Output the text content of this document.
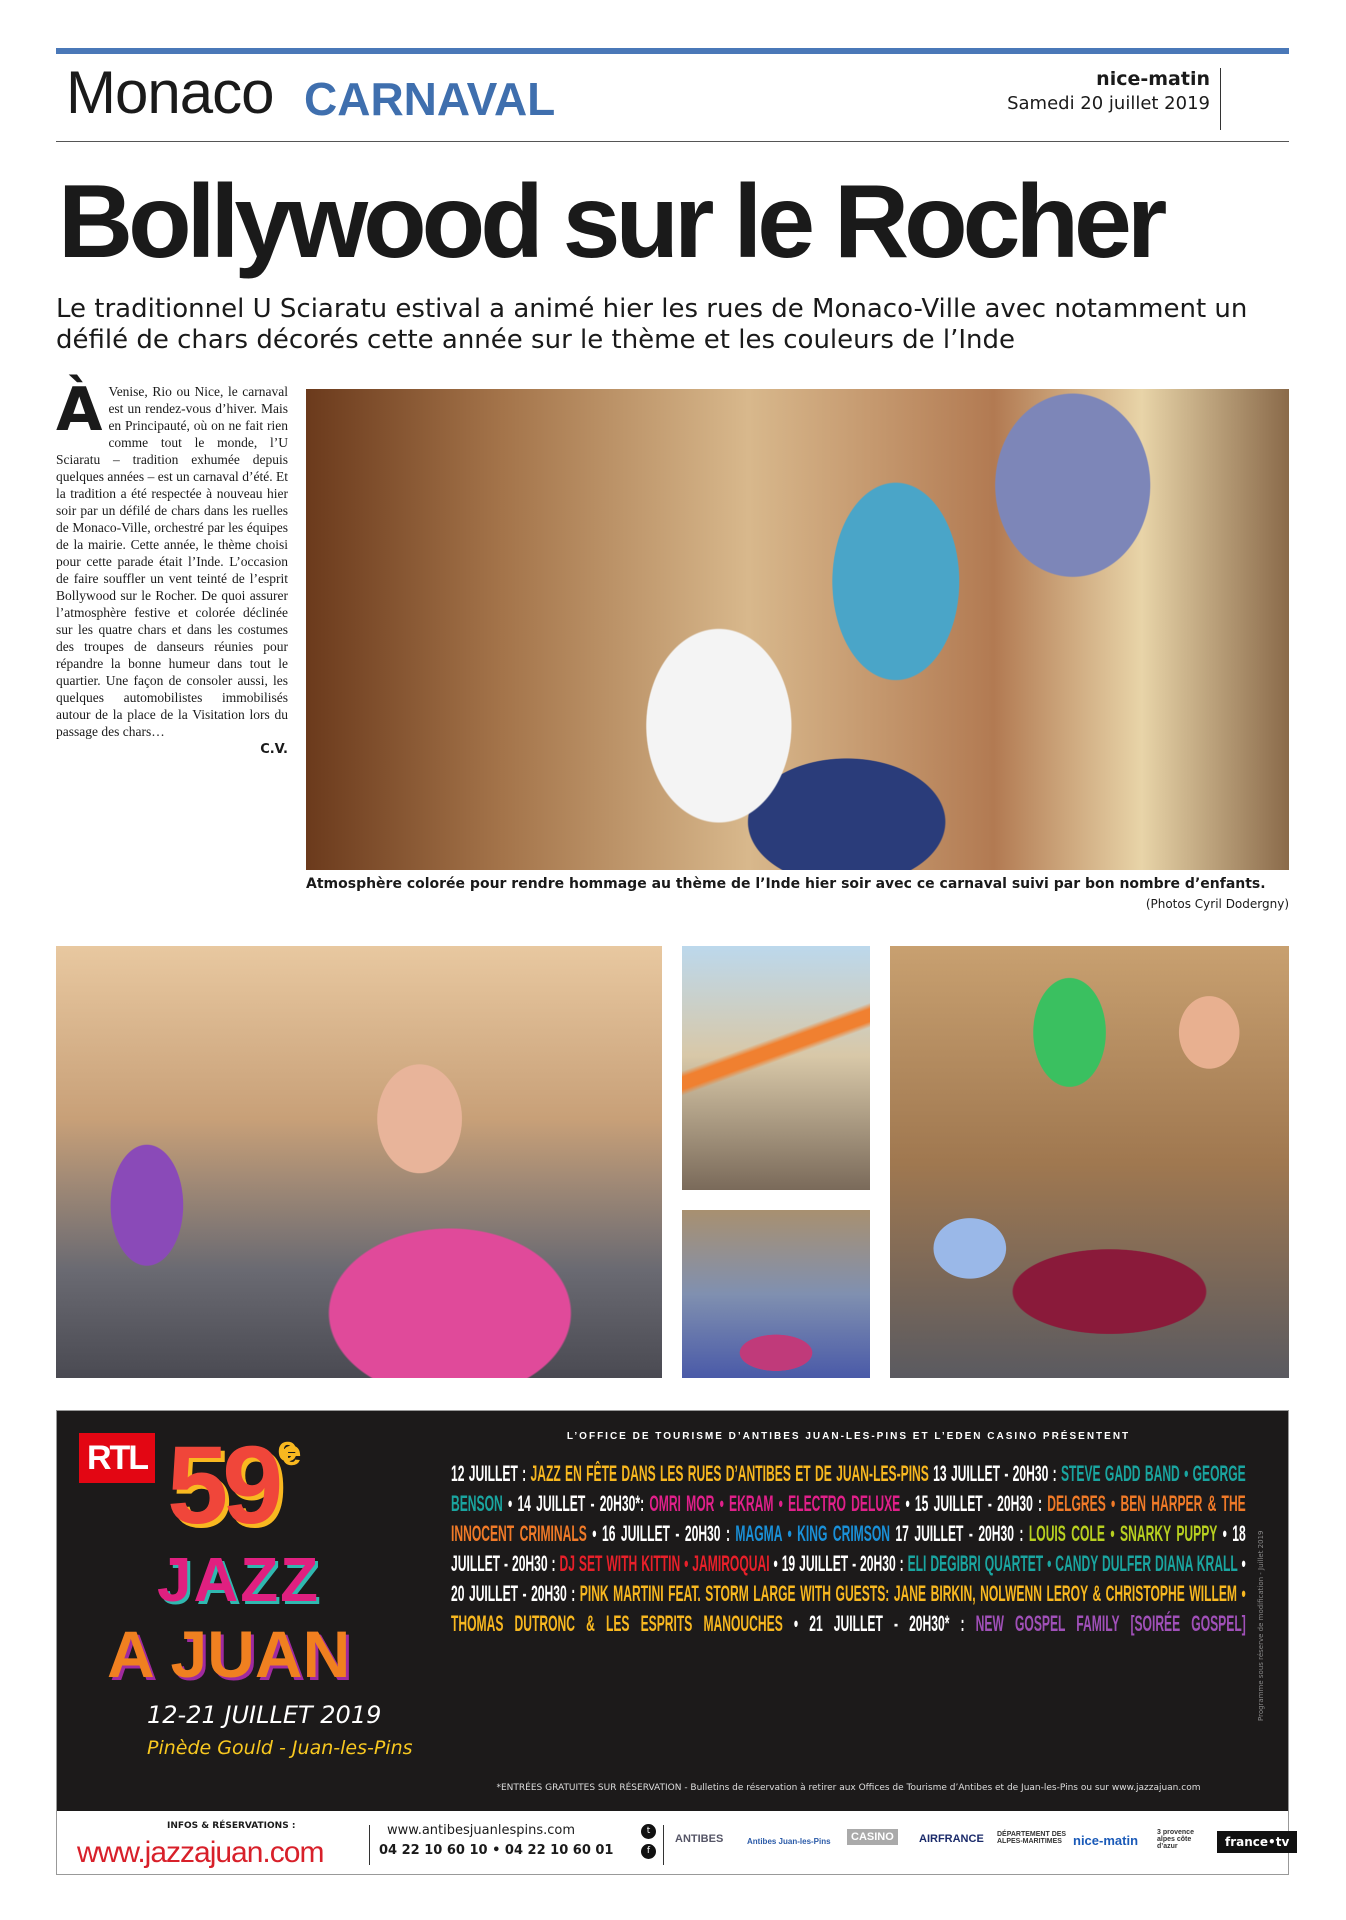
Monaco CARNAVAL	nice-matin
Samedi 20 juillet 2019
Bollywood sur le Rocher

Le traditionnel U Sciaratu estival a animé hier les rues de Monaco-Ville avec notamment un défilé de chars décorés cette année sur le thème et les couleurs de l’Inde

À Venise, Rio ou Nice, le carnaval est un rendez-vous d’hiver. Mais en Principauté, où on ne fait rien comme tout le monde, l’U Sciaratu – tradition exhumée depuis quelques années – est un carnaval d’été. Et la tradition a été respectée à nouveau hier soir par un défilé de chars dans les ruelles de Monaco-Ville, orchestré par les équipes de la mairie. Cette année, le thème choisi pour cette parade était l’Inde. L’occasion de faire souffler un vent teinté de l’esprit Bollywood sur le Rocher. De quoi assurer l’atmosphère festive et colorée déclinée sur les quatre chars et dans les costumes des troupes de danseurs réunies pour répandre la bonne humeur dans tout le quartier. Une façon de consoler aussi, les quelques automobilistes immobilisés autour de la place de la Visitation lors du passage des chars…
C.V.
Atmosphère colorée pour rendre hommage au thème de l’Inde hier soir avec ce carnaval suivi par bon nombre d’enfants.
(Photos Cyril Dodergny)
RTL 59e
JAZZ
A JUAN
12-21 JUILLET 2019
Pinède Gould - Juan-les-Pins
L’OFFICE DE TOURISME D’ANTIBES JUAN-LES-PINS ET L’EDEN CASINO PRÉSENTENT
12 JUILLET : JAZZ EN FÊTE DANS LES RUES D’ANTIBES ET DE JUAN-LES-PINS 13 JUILLET - 20H30 : STEVE GADD BAND • GEORGE BENSON • 14 JUILLET - 20H30*: OMRI MOR • EKRAM • ELECTRO DELUXE • 15 JUILLET - 20H30 : DELGRES • BEN HARPER & THE INNOCENT CRIMINALS • 16 JUILLET - 20H30 : MAGMA • KING CRIMSON 17 JUILLET - 20H30 : LOUIS COLE • SNARKY PUPPY • 18 JUILLET - 20H30 : DJ SET WITH KITTIN • JAMIROQUAI • 19 JUILLET - 20H30 : ELI DEGIBRI QUARTET • CANDY DULFER DIANA KRALL • 20 JUILLET - 20H30 : PINK MARTINI FEAT. STORM LARGE WITH GUESTS: JANE BIRKIN, NOLWENN LEROY & CHRISTOPHE WILLEM • THOMAS DUTRONC & LES ESPRITS MANOUCHES • 21 JUILLET - 20H30* : NEW GOSPEL FAMILY [SOIRÉE GOSPEL]
*ENTRÉES GRATUITES SUR RÉSERVATION - Bulletins de réservation à retirer aux Offices de Tourisme d’Antibes et de Juan-les-Pins ou sur www.jazzajuan.com
Programme sous réserve de modification - Juillet 2019
INFOS & RÉSERVATIONS :
www.jazzajuan.com
www.antibesjuanlespins.com
04 22 10 60 10 • 04 22 10 60 01
t
f
ANTIBES	Antibes Juan-les-Pins	CASINO	AIRFRANCE DÉPARTEMENT DES ALPES-MARITIMES nice-matin
3 provence alpes côte d’azur	france•tv
